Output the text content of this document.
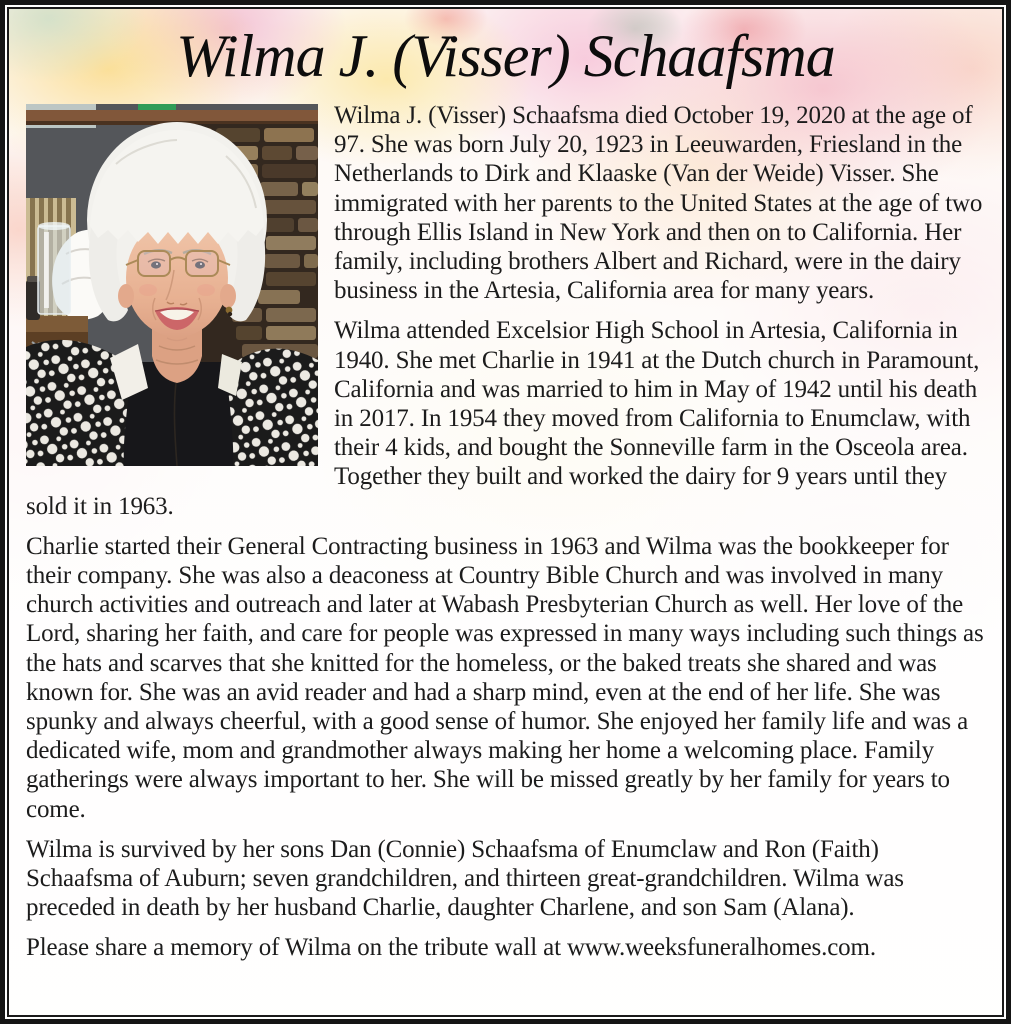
Wilma J. (Visser) Schaafsma

Wilma J. (Visser) Schaafsma died October 19, 2020 at the age of 97. She was born July 20, 1923 in Leeuwarden, Friesland in the Netherlands to Dirk and Klaaske (Van der Weide) Visser. She immigrated with her parents to the United States at the age of two through Ellis Island in New York and then on to California. Her family, including brothers Albert and Richard, were in the dairy business in the Artesia, California area for many years.

Wilma attended Excelsior High School in Artesia, California in 1940. She met Charlie in 1941 at the Dutch church in Paramount, California and was married to him in May of 1942 until his death in 2017. In 1954 they moved from California to Enumclaw, with their 4 kids, and bought the Sonneville farm in the Osceola area. Together they built and worked the dairy for 9 years until they sold it in 1963.

Charlie started their General Contracting business in 1963 and Wilma was the bookkeeper for their company. She was also a deaconess at Country Bible Church and was involved in many church activities and outreach and later at Wabash Presbyterian Church as well. Her love of the Lord, sharing her faith, and care for people was expressed in many ways including such things as the hats and scarves that she knitted for the homeless, or the baked treats she shared and was known for. She was an avid reader and had a sharp mind, even at the end of her life. She was spunky and always cheerful, with a good sense of humor. She enjoyed her family life and was a dedicated wife, mom and grandmother always making her home a welcoming place. Family gatherings were always important to her. She will be missed greatly by her family for years to come.

Wilma is survived by her sons Dan (Connie) Schaafsma of Enumclaw and Ron (Faith) Schaafsma of Auburn; seven grandchildren, and thirteen great-grandchildren. Wilma was preceded in death by her husband Charlie, daughter Charlene, and son Sam (Alana).

Please share a memory of Wilma on the tribute wall at www.weeksfuneralhomes.com.
